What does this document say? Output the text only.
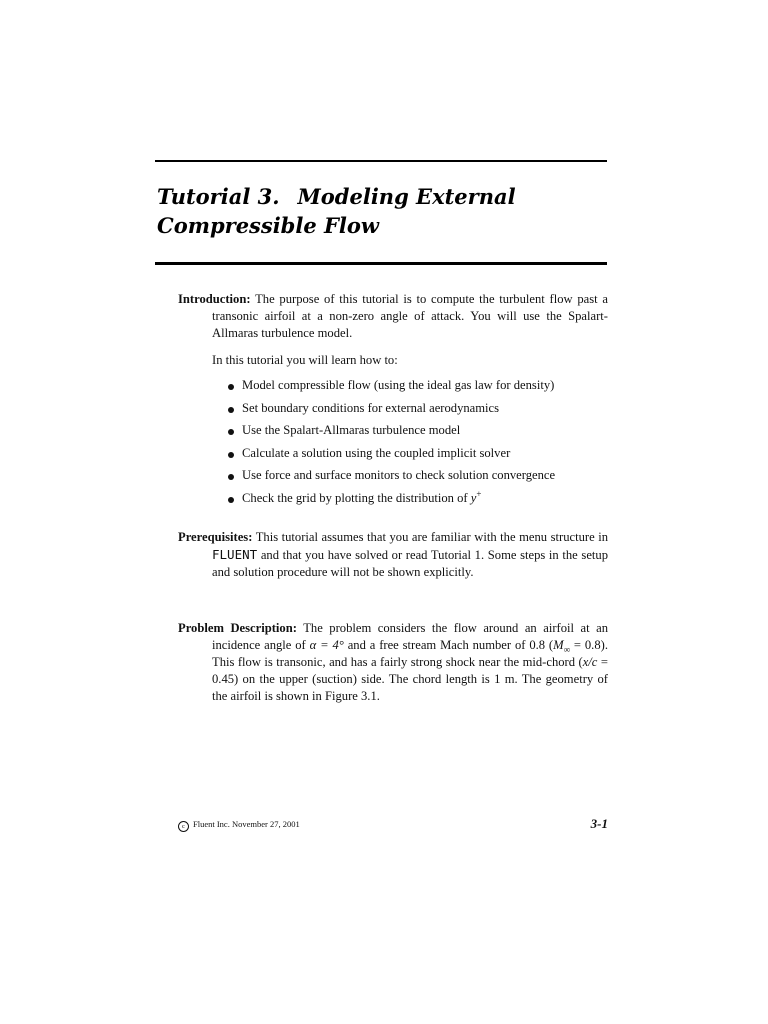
Tutorial 3. Modeling External
Compressible Flow

Introduction: The purpose of this tutorial is to compute the turbulent flow past a transonic airfoil at a non-zero angle of attack. You will use the Spalart-Allmaras turbulence model.

In this tutorial you will learn how to:

Model compressible flow (using the ideal gas law for density)
Set boundary conditions for external aerodynamics
Use the Spalart-Allmaras turbulence model
Calculate a solution using the coupled implicit solver
Use force and surface monitors to check solution convergence
Check the grid by plotting the distribution of y+

Prerequisites: This tutorial assumes that you are familiar with the menu structure in FLUENT and that you have solved or read Tutorial 1. Some steps in the setup and solution procedure will not be shown explicitly.

Problem Description: The problem considers the flow around an airfoil at an incidence angle of α = 4° and a free stream Mach number of 0.8 $(M_\infty = 0.8)$. This flow is transonic, and has a fairly strong shock near the mid-chord (x/c = 0.45) on the upper (suction) side. The chord length is 1 m. The geometry of the airfoil is shown in Figure 3.1.

c Fluent Inc. November 27, 2001	3-1
